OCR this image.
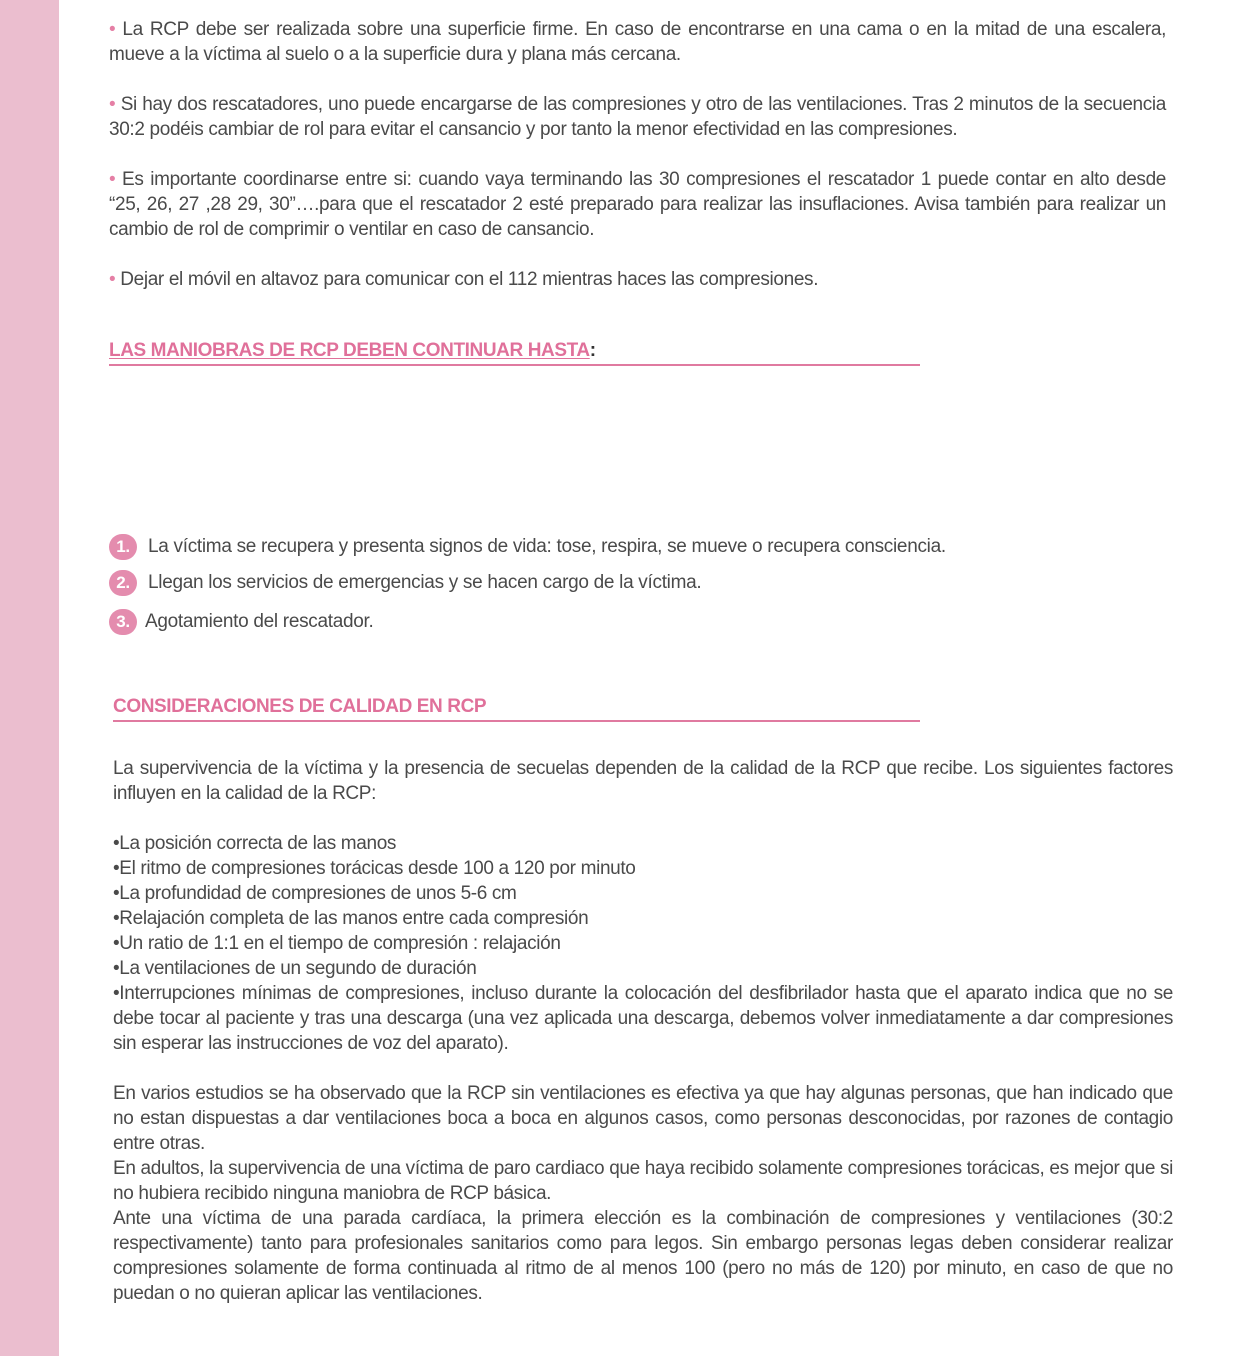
• La RCP debe ser realizada sobre una superficie firme. En caso de encontrarse en una cama o en la mitad de una escalera, mueve a la víctima al suelo o a la superficie dura y plana más cercana.

• Si hay dos rescatadores, uno puede encargarse de las compresiones y otro de las ventilaciones. Tras 2 minutos de la secuencia 30:2 podéis cambiar de rol para evitar el cansancio y por tanto la menor efectividad en las compresiones.

• Es importante coordinarse entre si: cuando vaya terminando las 30 compresiones el rescatador 1 puede contar en alto desde “25, 26, 27 ,28 29, 30”….para que el rescatador 2 esté preparado para realizar las insuflaciones. Avisa también para realizar un cambio de rol de comprimir o ventilar en caso de cansancio.

• Dejar el móvil en altavoz para comunicar con el 112 mientras haces las compresiones.

LAS MANIOBRAS DE RCP DEBEN CONTINUAR HASTA:
1. La víctima se recupera y presenta signos de vida: tose, respira, se mueve o recupera consciencia.
2. Llegan los servicios de emergencias y se hacen cargo de la víctima.
3. Agotamiento del rescatador.
CONSIDERACIONES DE CALIDAD EN RCP

La supervivencia de la víctima y la presencia de secuelas dependen de la calidad de la RCP que recibe. Los siguientes factores influyen en la calidad de la RCP:

•La posición correcta de las manos

•El ritmo de compresiones torácicas desde 100 a 120 por minuto

•La profundidad de compresiones de unos 5-6 cm

•Relajación completa de las manos entre cada compresión

•Un ratio de 1:1 en el tiempo de compresión : relajación

•La ventilaciones de un segundo de duración

•Interrupciones mínimas de compresiones, incluso durante la colocación del desfibrilador hasta que el aparato indica que no se debe tocar al paciente y tras una descarga (una vez aplicada una descarga, debemos volver inmediatamente a dar compresiones sin esperar las instrucciones de voz del aparato).

En varios estudios se ha observado que la RCP sin ventilaciones es efectiva ya que hay algunas personas, que han indicado que no estan dispuestas a dar ventilaciones boca a boca en algunos casos, como personas desconocidas, por razones de contagio entre otras.

En adultos, la supervivencia de una víctima de paro cardiaco que haya recibido solamente compresiones torácicas, es mejor que si no hubiera recibido ninguna maniobra de RCP básica.

Ante una víctima de una parada cardíaca, la primera elección es la combinación de compresiones y ventilaciones (30:2 respectivamente) tanto para profesionales sanitarios como para legos. Sin embargo personas legas deben considerar realizar compresiones solamente de forma continuada al ritmo de al menos 100 (pero no más de 120) por minuto, en caso de que no puedan o no quieran aplicar las ventilaciones.
